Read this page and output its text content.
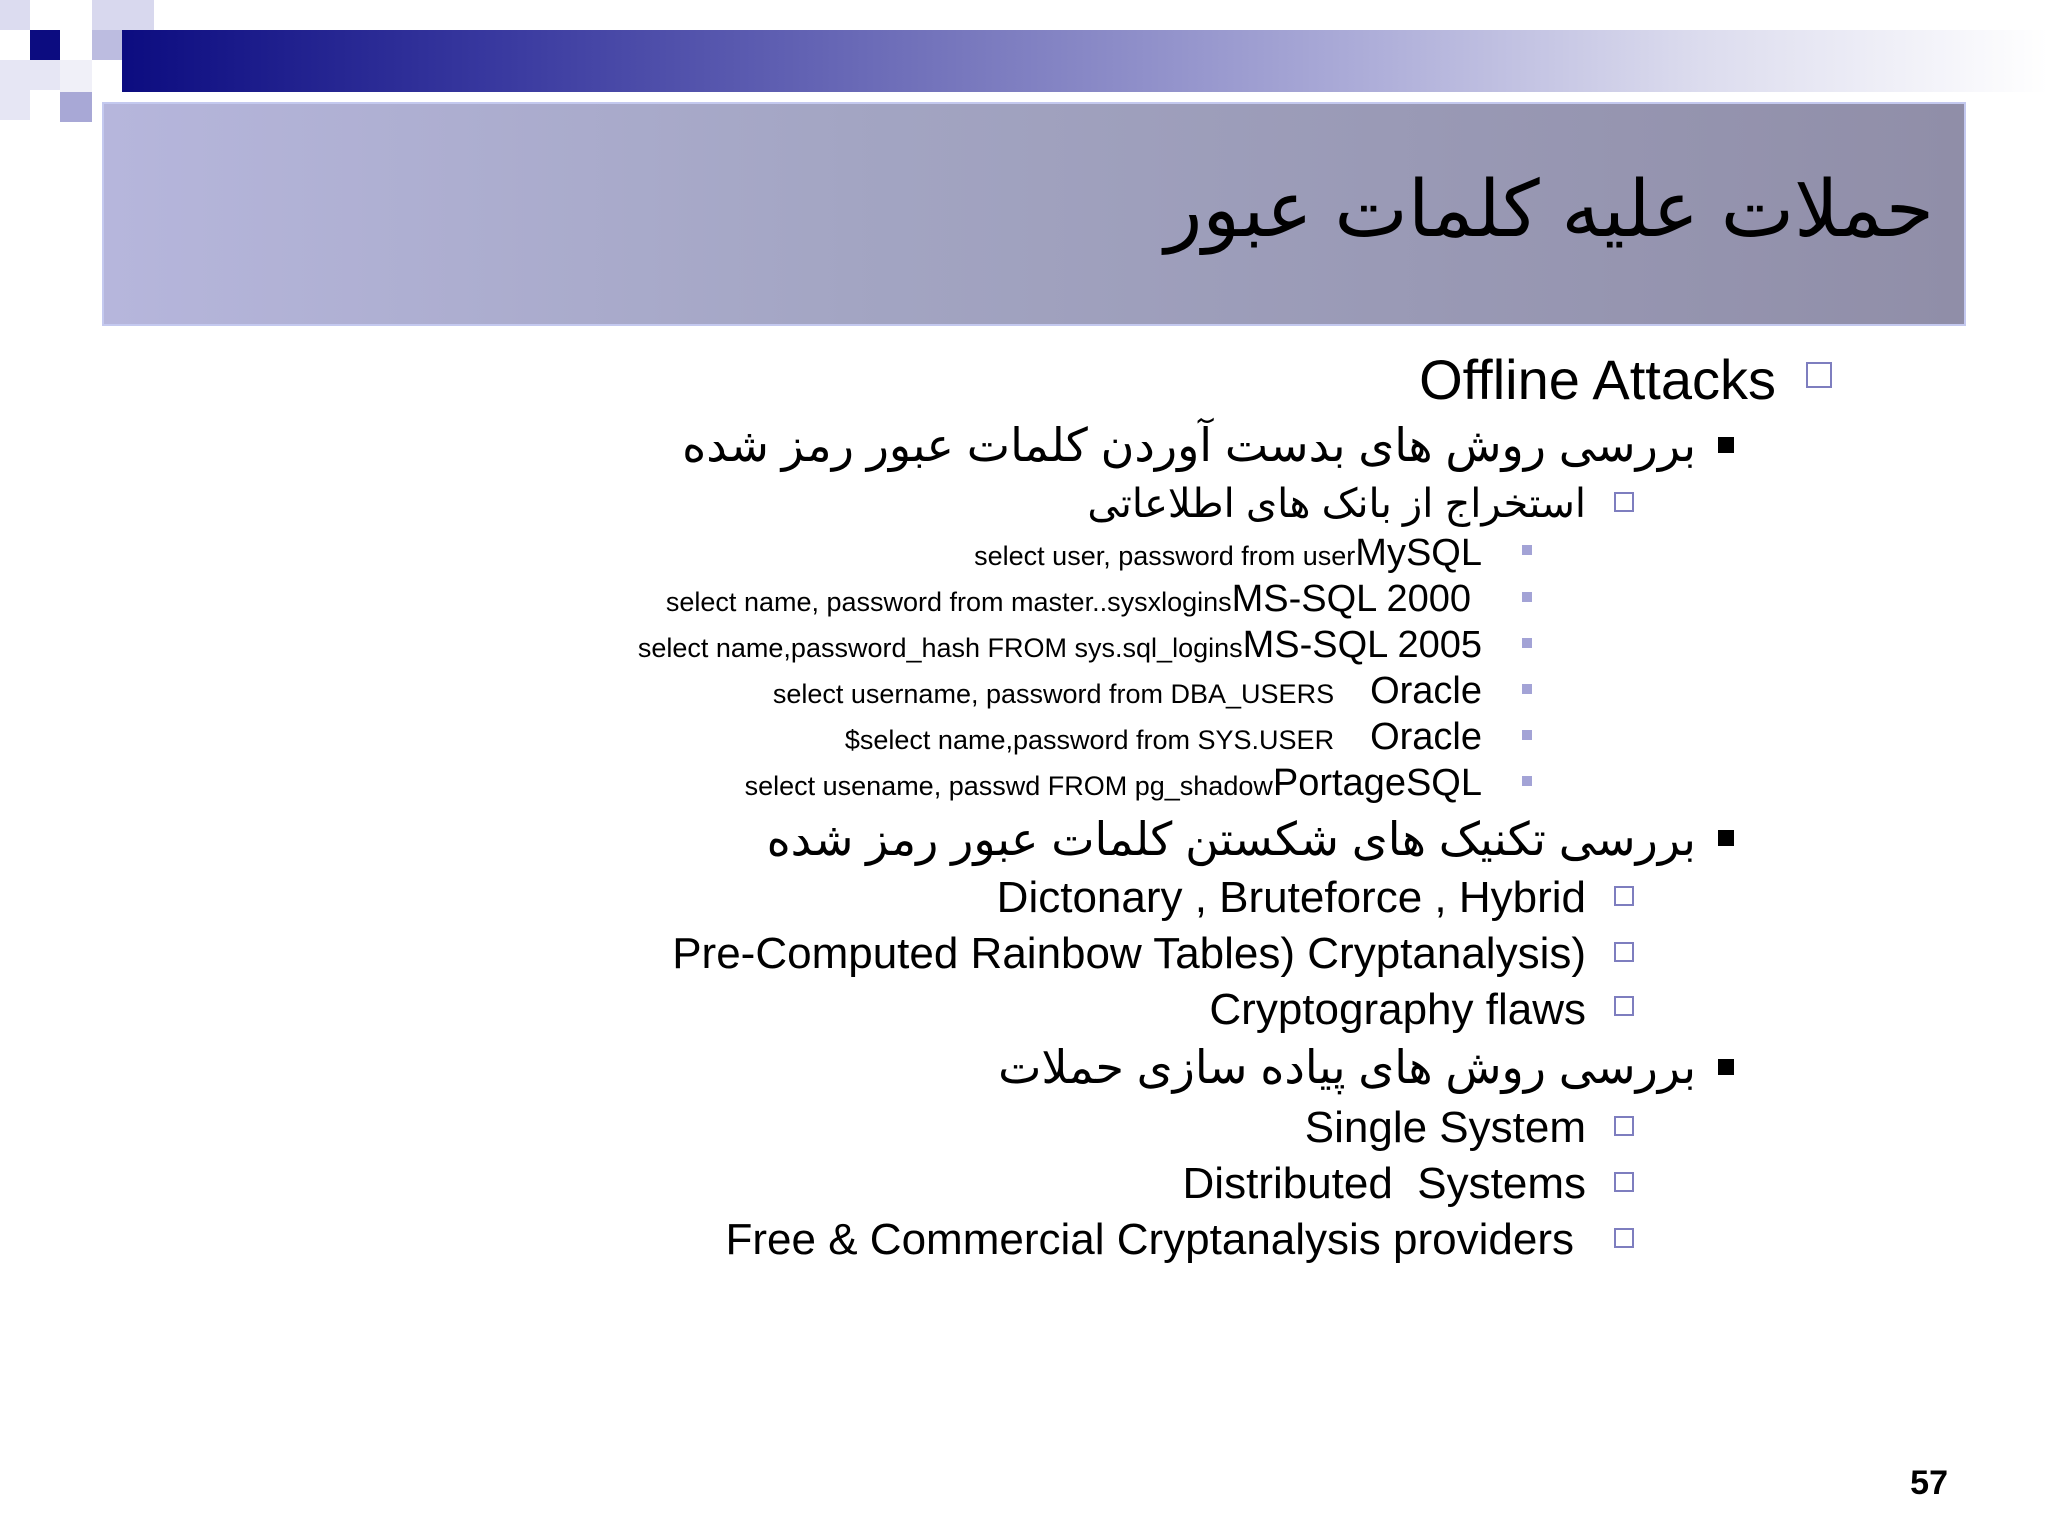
حملات علیه کلمات عبور
Offline Attacks
بررسی روش های بدست آوردن کلمات عبور رمز شده
استخراج از بانک های اطلاعاتی
select user, password from userMySQL
select name, password from master..sysxloginsMS-SQL 2000
select name,password_hash FROM sys.sql_loginsMS-SQL 2005
select username, password from DBA_USERS Oracle
$select name,password from SYS.USER Oracle
select usename, passwd FROM pg_shadowPortageSQL
بررسی تکنیک های شکستن کلمات عبور رمز شده
Dictonary , Bruteforce , Hybrid
Pre-Computed Rainbow Tables) Cryptanalysis)
Cryptography flaws
بررسی روش های پیاده سازی حملات
Single System
Distributed  Systems
Free & Commercial Cryptanalysis providers
57
